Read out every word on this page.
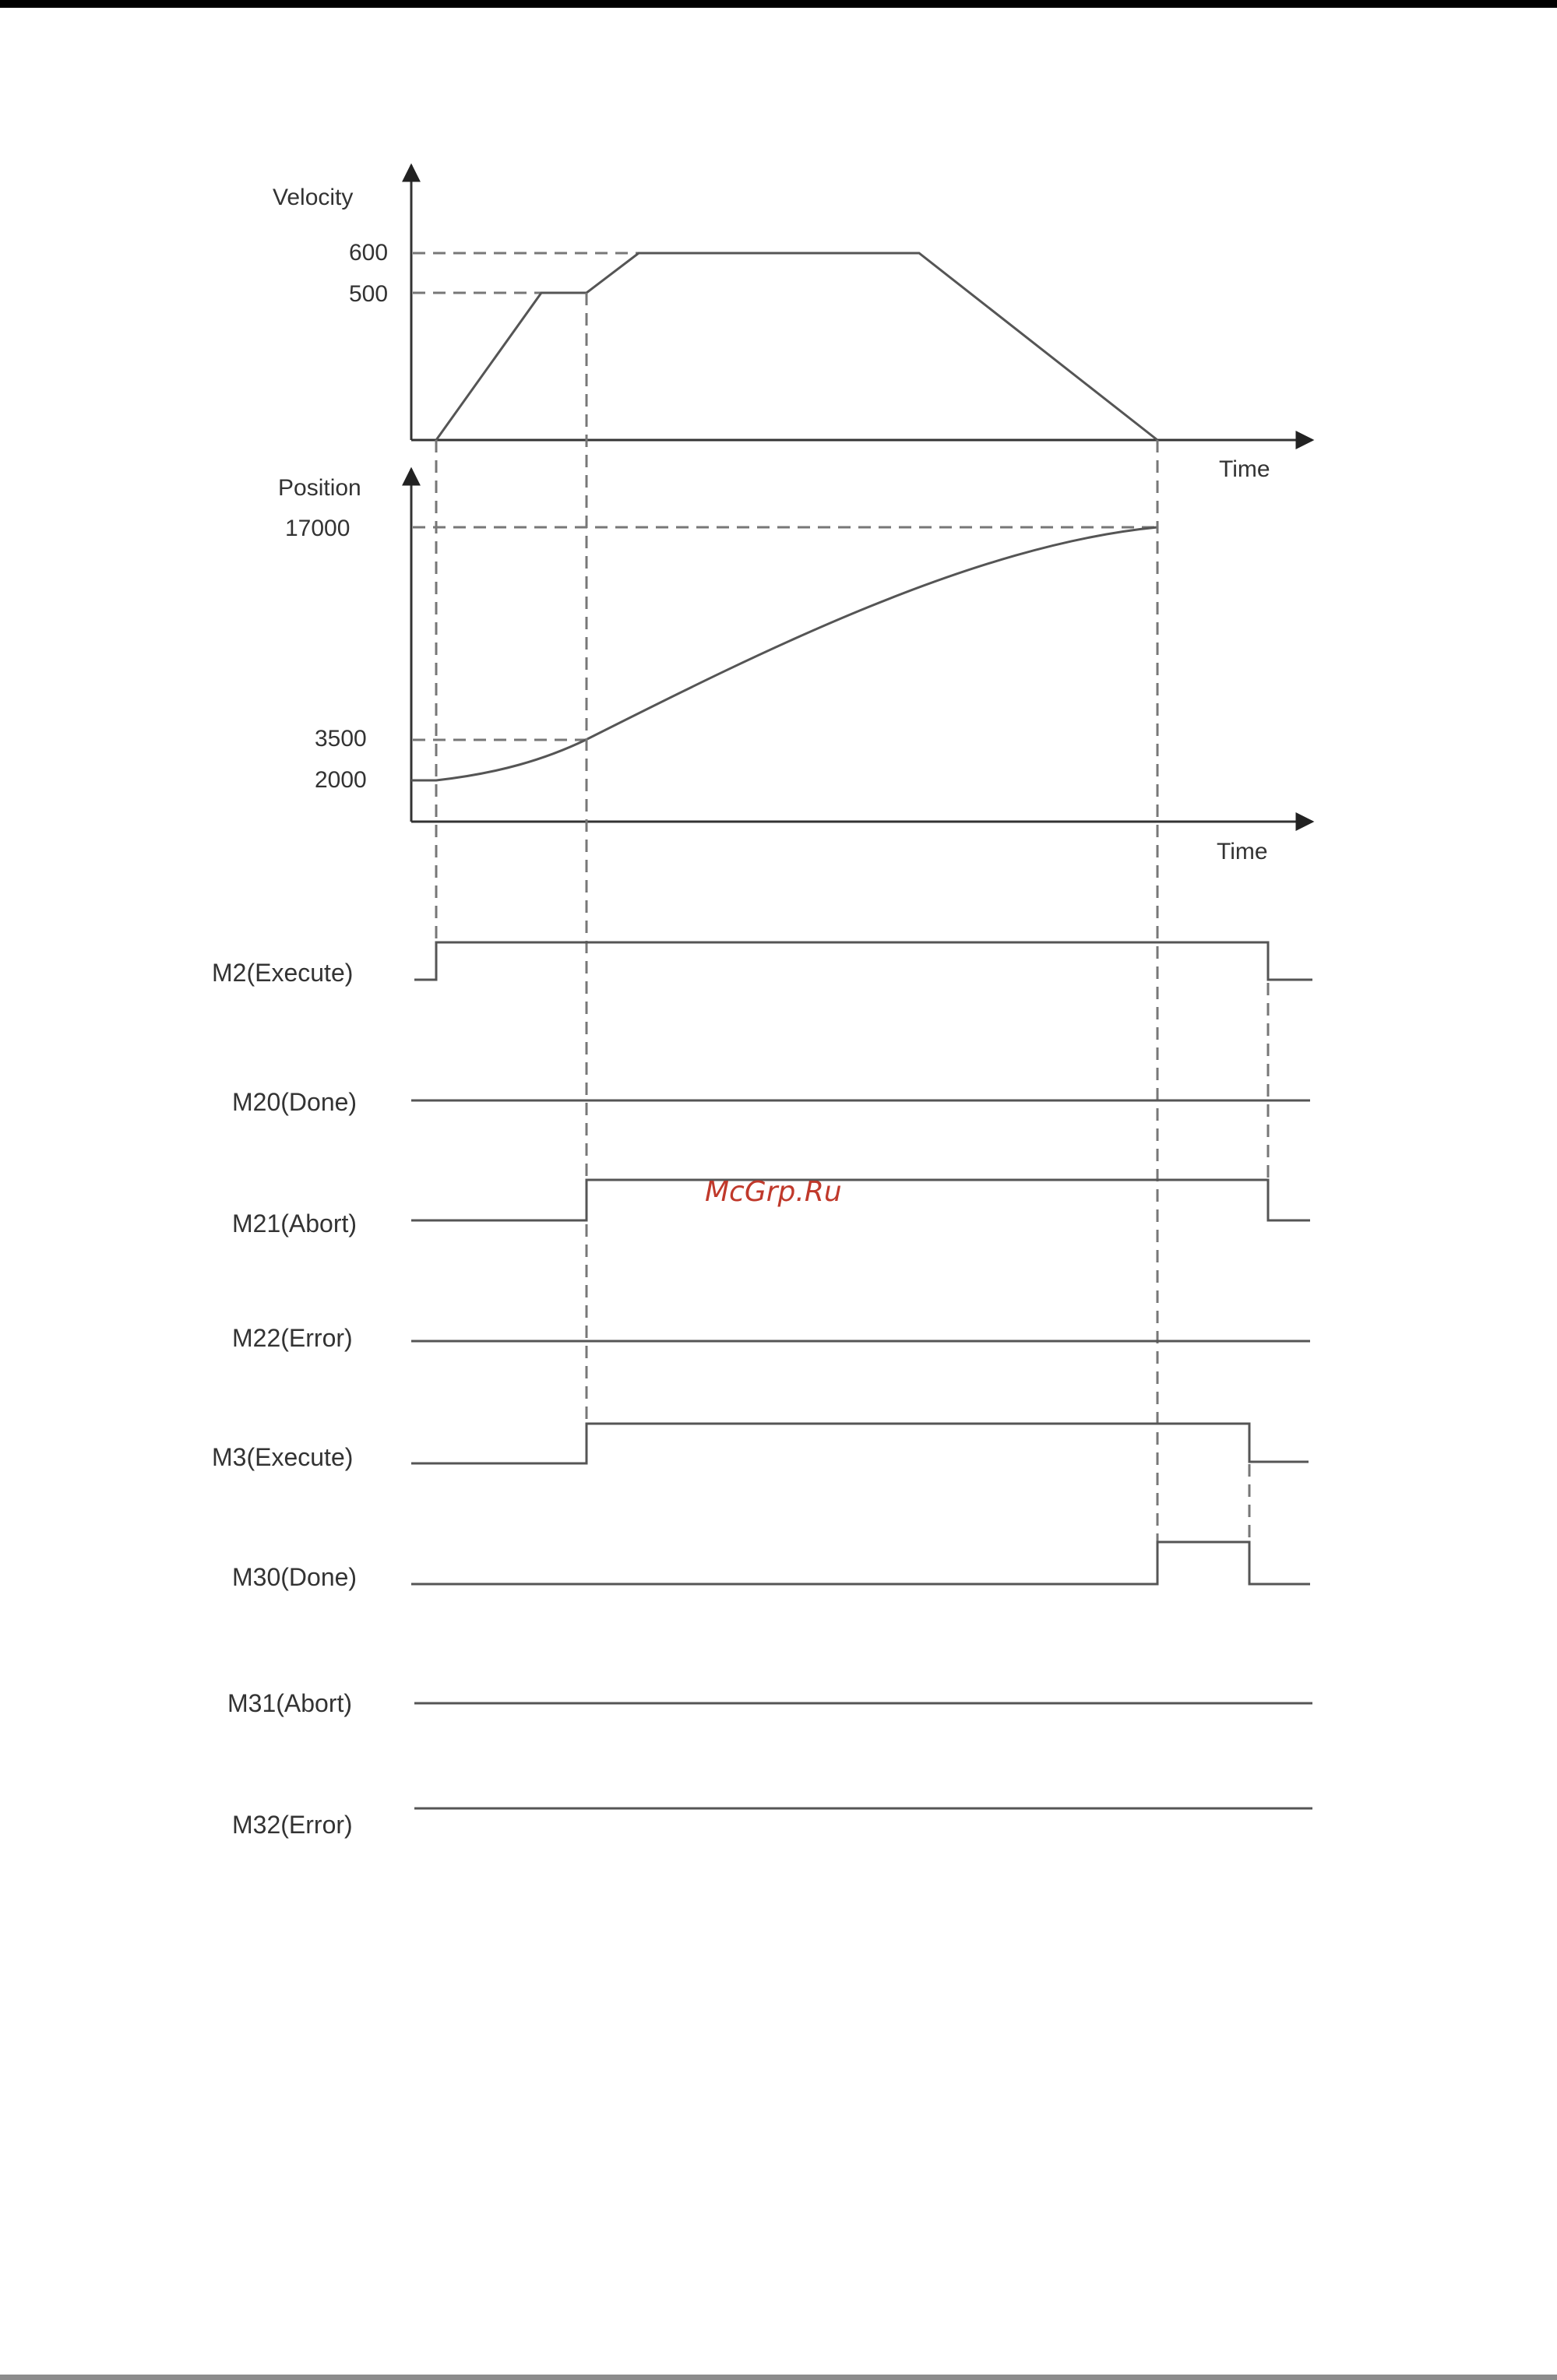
Velocity
Time
600
500
Position
Time
17000
3500
2000
M2(Execute)
M20(Done)
M21(Abort)
M22(Error)
M3(Execute)
M30(Done)
M31(Abort)
M32(Error)
McGrp.Ru
